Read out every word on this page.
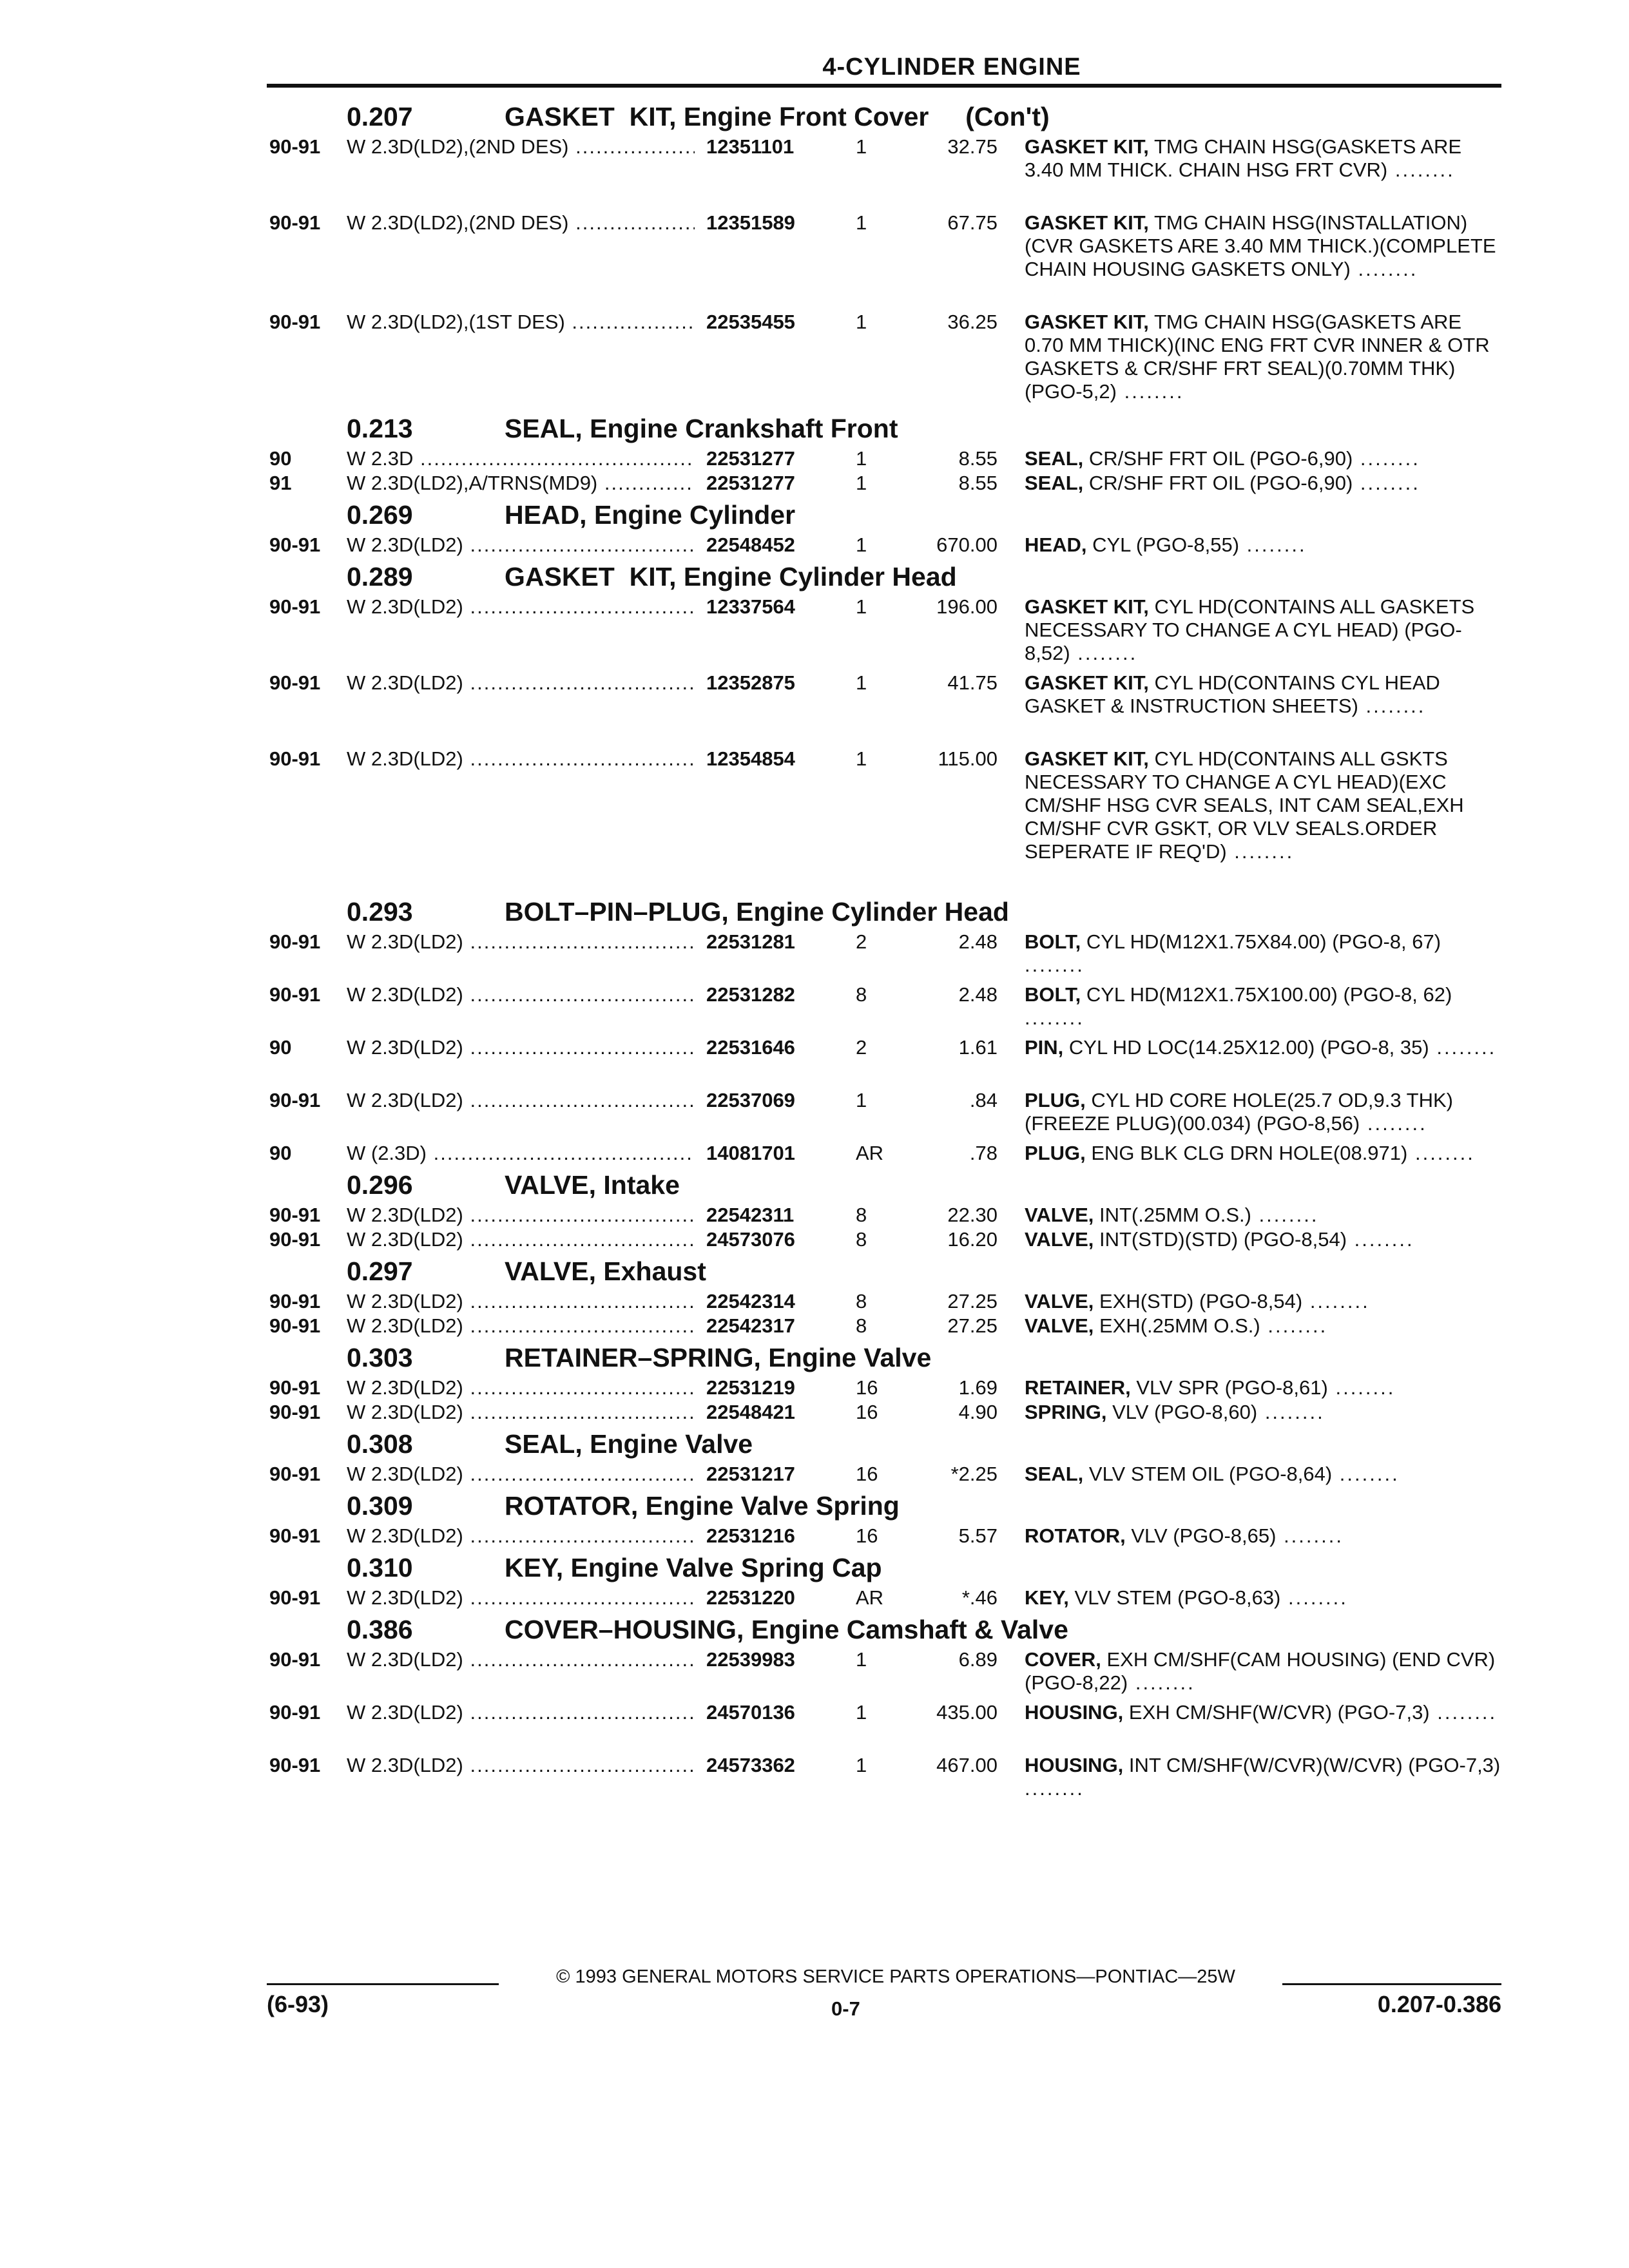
4-CYLINDER ENGINE
0.207	GASKET  KIT, Engine Front Cover     (Con't)
90-91 W 2.3D(LD2),(2ND DES) .....	12351101	1	32.75 GASKET KIT, TMG CHAIN HSG(GASKETS ARE 3.40 MM THICK. CHAIN HSG FRT CVR) ........
90-91 W 2.3D(LD2),(2ND DES) .....	12351589	1	67.75 GASKET KIT, TMG CHAIN HSG(INSTALLATION)(CVR GASKETS ARE 3.40 MM THICK.)(COMPLETE CHAIN HOUSING GASKETS ONLY) ........
90-91 W 2.3D(LD2),(1ST DES) .....	22535455	1	36.25 GASKET KIT, TMG CHAIN HSG(GASKETS ARE 0.70 MM THICK)(INC ENG FRT CVR INNER & OTR GASKETS & CR/SHF FRT SEAL)(0.70MM THK) (PGO-5,2) ........
0.213	SEAL, Engine Crankshaft Front
90	W 2.3D .....	22531277	1	8.55 SEAL, CR/SHF FRT OIL (PGO-6,90) ........
91	W 2.3D(LD2),A/TRNS(MD9) .....	22531277	1	8.55 SEAL, CR/SHF FRT OIL (PGO-6,90) ........
0.269	HEAD, Engine Cylinder
90-91 W 2.3D(LD2) .....	22548452	1	670.00 HEAD, CYL (PGO-8,55) ........
0.289	GASKET  KIT, Engine Cylinder Head
90-91 W 2.3D(LD2) .....	12337564	1	196.00 GASKET KIT, CYL HD(CONTAINS ALL GASKETS NECESSARY TO CHANGE A CYL HEAD) (PGO-8,52) ........
90-91 W 2.3D(LD2) .....	12352875	1	41.75 GASKET KIT, CYL HD(CONTAINS CYL HEAD GASKET & INSTRUCTION SHEETS) ........
90-91 W 2.3D(LD2) .....	12354854	1	115.00 GASKET KIT, CYL HD(CONTAINS ALL GSKTS NECESSARY TO CHANGE A CYL HEAD)(EXC CM/SHF HSG CVR SEALS, INT CAM SEAL,EXH CM/SHF CVR GSKT, OR VLV SEALS.ORDER SEPERATE IF REQ'D) ........
0.293	BOLT–PIN–PLUG, Engine Cylinder Head
90-91 W 2.3D(LD2) .....	22531281	2	2.48 BOLT, CYL HD(M12X1.75X84.00) (PGO-8, 67) ........
90-91 W 2.3D(LD2) .....	22531282	8	2.48 BOLT, CYL HD(M12X1.75X100.00) (PGO-8, 62) ........
90	W 2.3D(LD2) .....	22531646	2	1.61 PIN, CYL HD LOC(14.25X12.00) (PGO-8, 35) ........
90-91 W 2.3D(LD2) .....	22537069	1	.84 PLUG, CYL HD CORE HOLE(25.7 OD,9.3 THK)(FREEZE PLUG)(00.034) (PGO-8,56) ........
90	W (2.3D) .....	14081701	AR	.78 PLUG, ENG BLK CLG DRN HOLE(08.971) ........
0.296	VALVE, Intake
90-91 W 2.3D(LD2) .....	22542311	8	22.30 VALVE, INT(.25MM O.S.) ........
90-91 W 2.3D(LD2) .....	24573076	8	16.20 VALVE, INT(STD)(STD) (PGO-8,54) ........
0.297	VALVE, Exhaust
90-91 W 2.3D(LD2) .....	22542314	8	27.25 VALVE, EXH(STD) (PGO-8,54) ........
90-91 W 2.3D(LD2) .....	22542317	8	27.25 VALVE, EXH(.25MM O.S.) ........
0.303	RETAINER–SPRING, Engine Valve
90-91 W 2.3D(LD2) .....	22531219	16	1.69 RETAINER, VLV SPR (PGO-8,61) ........
90-91 W 2.3D(LD2) .....	22548421	16	4.90 SPRING, VLV (PGO-8,60) ........
0.308	SEAL, Engine Valve
90-91 W 2.3D(LD2) .....	22531217	16	*2.25 SEAL, VLV STEM OIL (PGO-8,64) ........
0.309	ROTATOR, Engine Valve Spring
90-91 W 2.3D(LD2) .....	22531216	16	5.57 ROTATOR, VLV (PGO-8,65) ........
0.310	KEY, Engine Valve Spring Cap
90-91 W 2.3D(LD2) .....	22531220	AR	*.46 KEY, VLV STEM (PGO-8,63) ........
0.386	COVER–HOUSING, Engine Camshaft & Valve
90-91 W 2.3D(LD2) .....	22539983	1	6.89 COVER, EXH CM/SHF(CAM HOUSING) (END CVR) (PGO-8,22) ........
90-91 W 2.3D(LD2) .....	24570136	1	435.00 HOUSING, EXH CM/SHF(W/CVR) (PGO-7,3) ........
90-91 W 2.3D(LD2) .....	24573362	1	467.00 HOUSING, INT CM/SHF(W/CVR)(W/CVR) (PGO-7,3) ........
© 1993 GENERAL MOTORS SERVICE PARTS OPERATIONS—PONTIAC—25W
(6-93)	0-7	0.207-0.386
